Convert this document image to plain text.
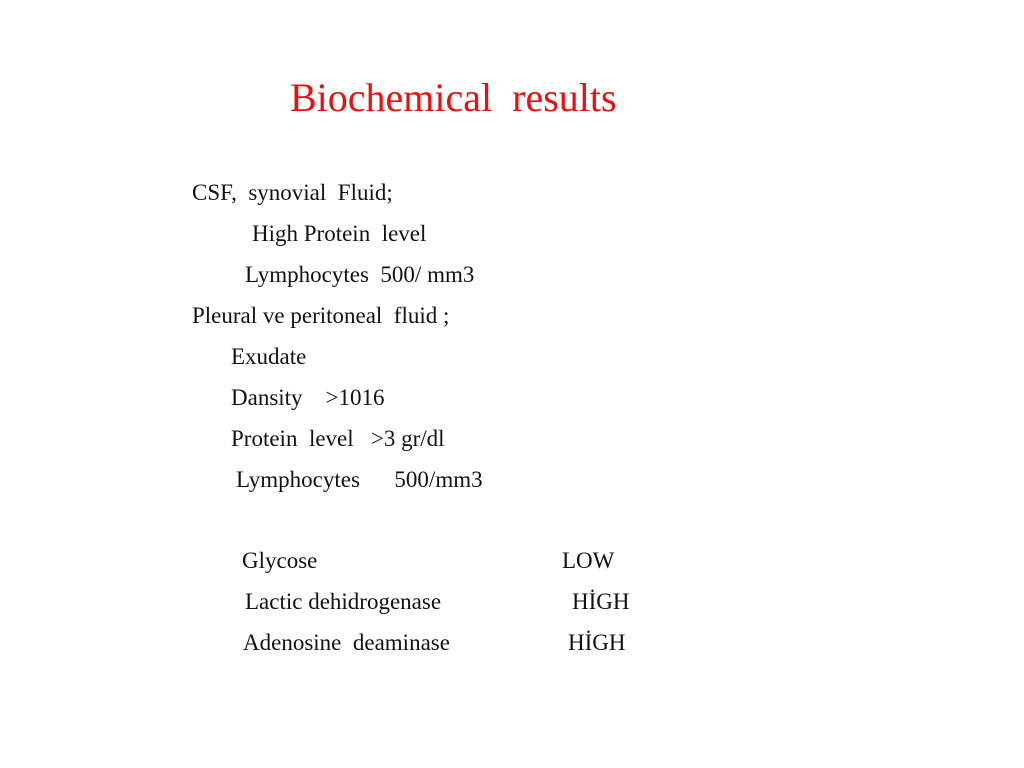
Biochemical  results
CSF,  synovial  Fluid;
High Protein  level
Lymphocytes  500/ mm3
Pleural ve peritoneal  fluid ;
Exudate
Dansity    >1016
Protein  level   >3 gr/dl
Lymphocytes      500/mm3
Glycose	LOW
Lactic dehidrogenase	HİGH
Adenosine  deaminase	HİGH
